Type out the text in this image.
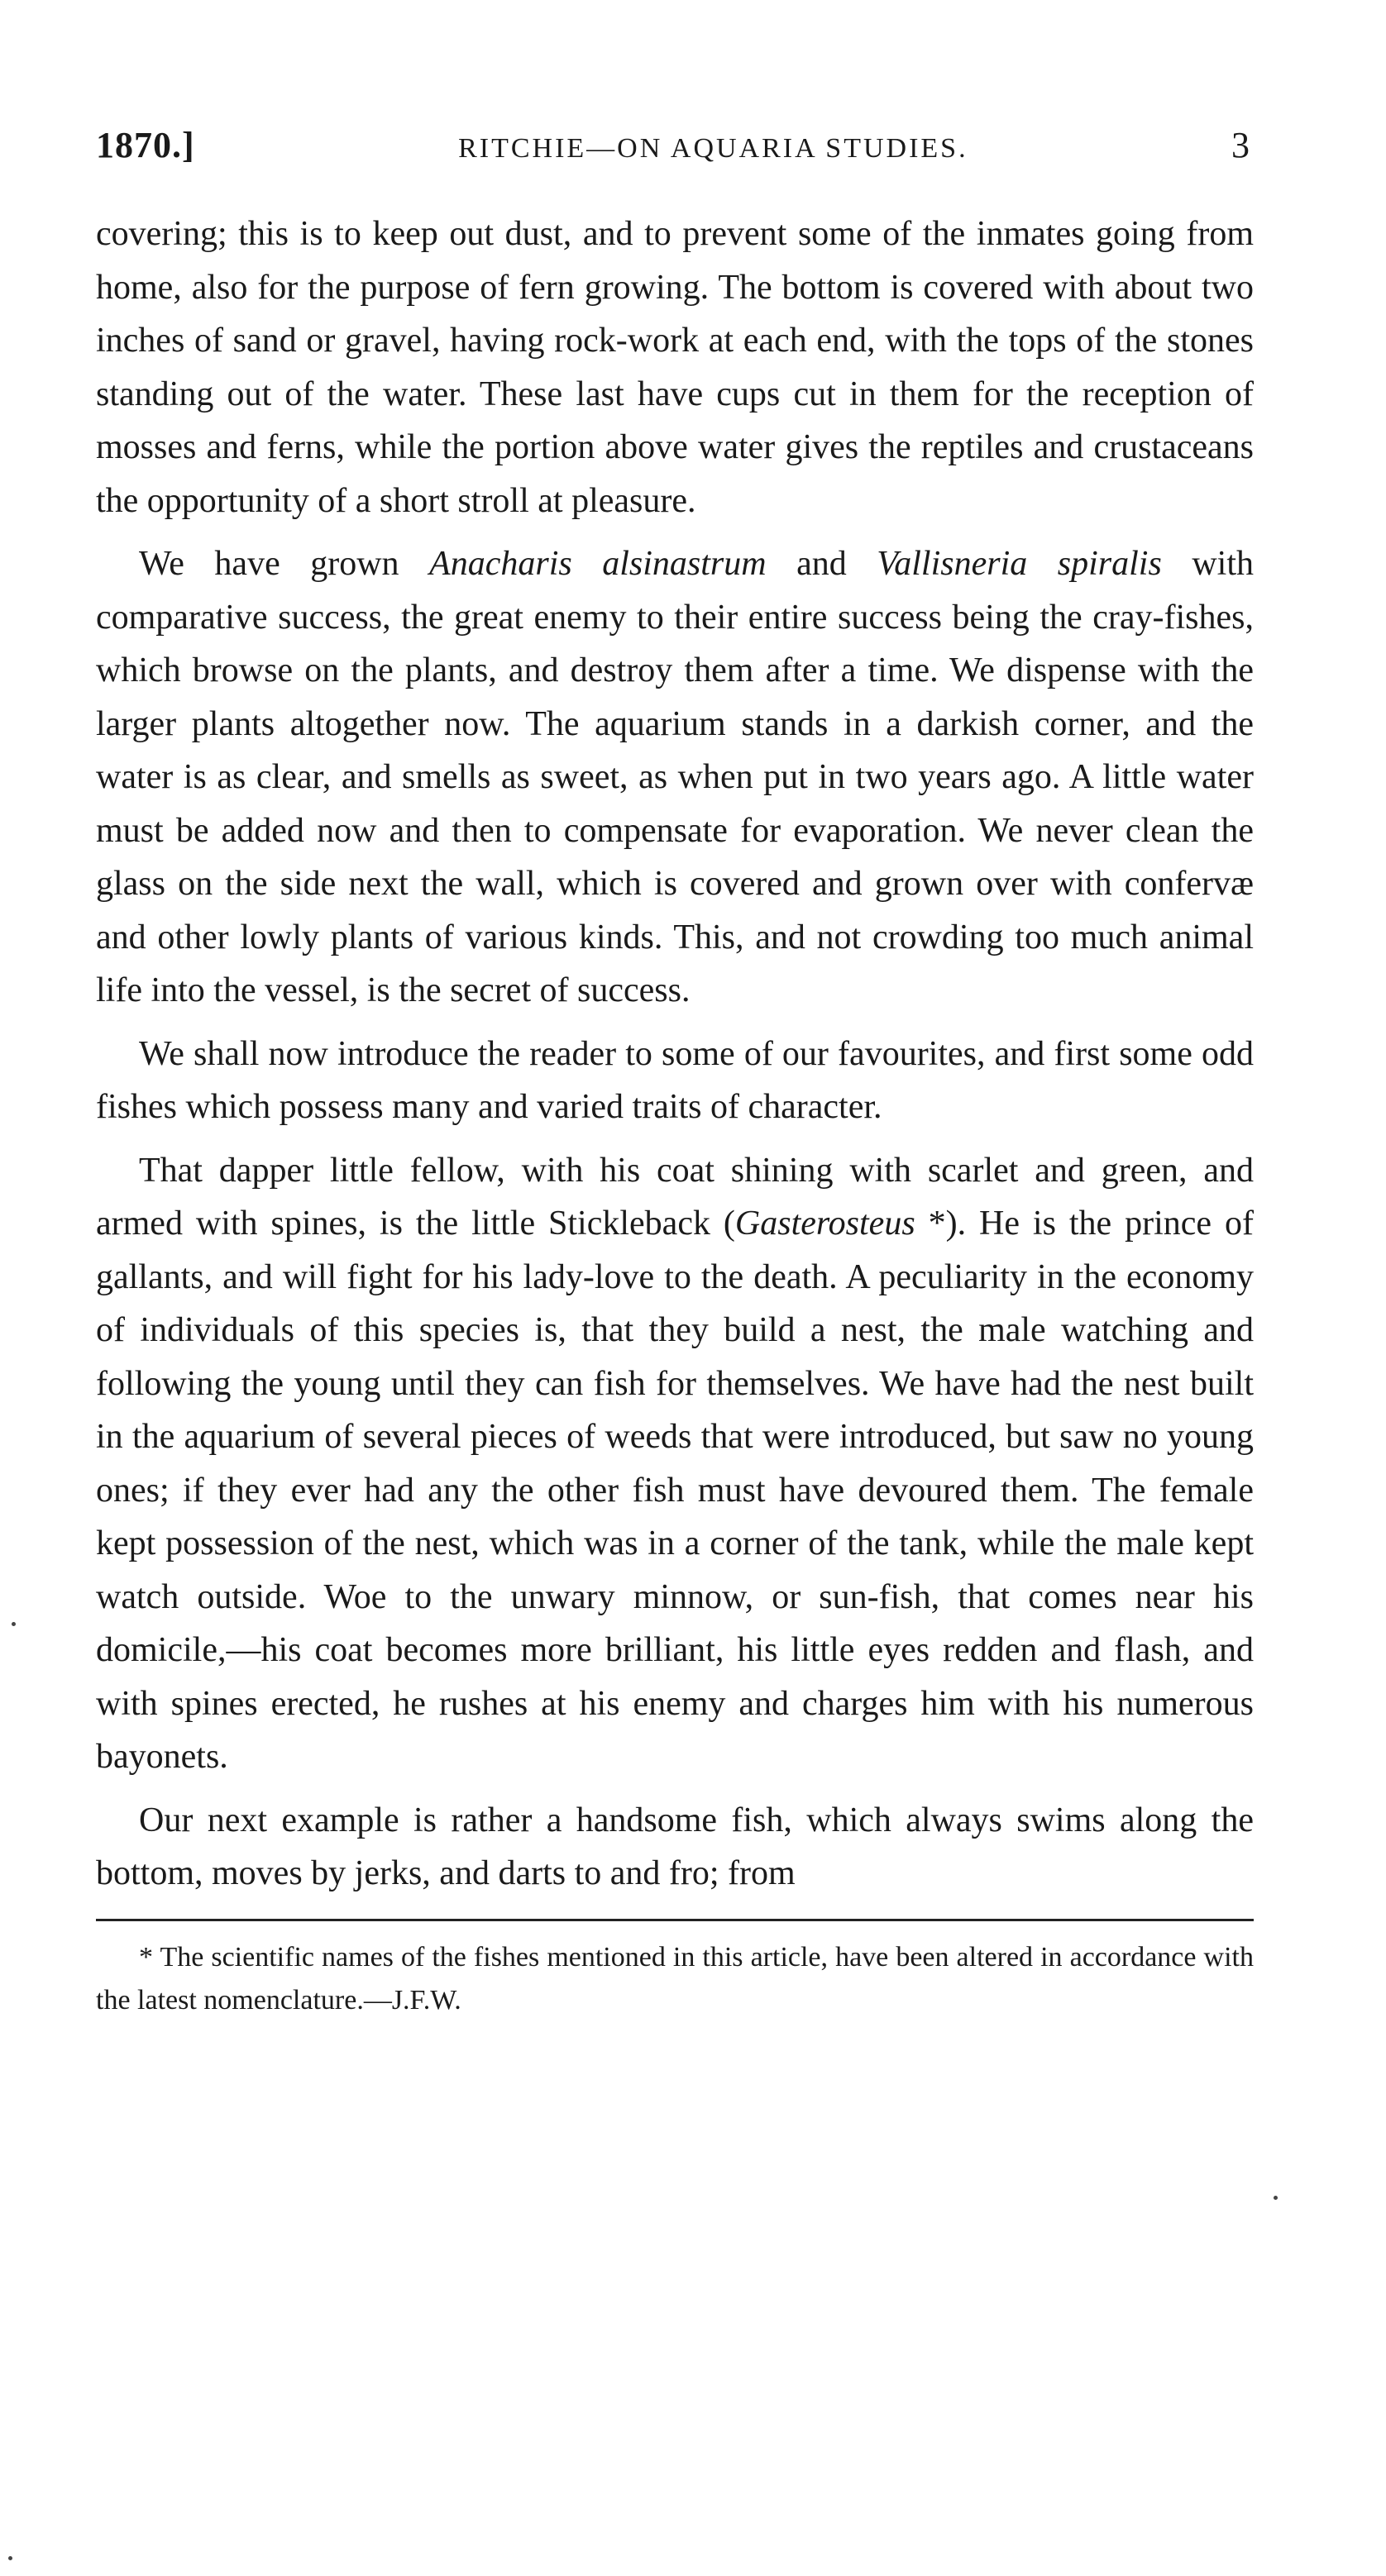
1870.]	RITCHIE—ON AQUARIA STUDIES.	3

covering; this is to keep out dust, and to prevent some of the inmates going from home, also for the purpose of fern growing. The bottom is covered with about two inches of sand or gravel, having rock-work at each end, with the tops of the stones standing out of the water. These last have cups cut in them for the reception of mosses and ferns, while the portion above water gives the reptiles and crustaceans the opportunity of a short stroll at pleasure.

We have grown Anacharis alsinastrum and Vallisneria spiralis with comparative success, the great enemy to their entire success being the cray-fishes, which browse on the plants, and destroy them after a time. We dispense with the larger plants altogether now. The aquarium stands in a darkish corner, and the water is as clear, and smells as sweet, as when put in two years ago. A little water must be added now and then to compensate for evaporation. We never clean the glass on the side next the wall, which is covered and grown over with confervæ and other lowly plants of various kinds. This, and not crowding too much animal life into the vessel, is the secret of success.

We shall now introduce the reader to some of our favourites, and first some odd fishes which possess many and varied traits of character.

That dapper little fellow, with his coat shining with scarlet and green, and armed with spines, is the little Stickleback (Gasterosteus *). He is the prince of gallants, and will fight for his lady-love to the death. A peculiarity in the economy of individuals of this species is, that they build a nest, the male watching and following the young until they can fish for themselves. We have had the nest built in the aquarium of several pieces of weeds that were introduced, but saw no young ones; if they ever had any the other fish must have devoured them. The female kept possession of the nest, which was in a corner of the tank, while the male kept watch outside. Woe to the unwary minnow, or sun-fish, that comes near his domicile,—his coat becomes more brilliant, his little eyes redden and flash, and with spines erected, he rushes at his enemy and charges him with his numerous bayonets.

Our next example is rather a handsome fish, which always swims along the bottom, moves by jerks, and darts to and fro; from

* The scientific names of the fishes mentioned in this article, have been altered in accordance with the latest nomenclature.—J.F.W.
